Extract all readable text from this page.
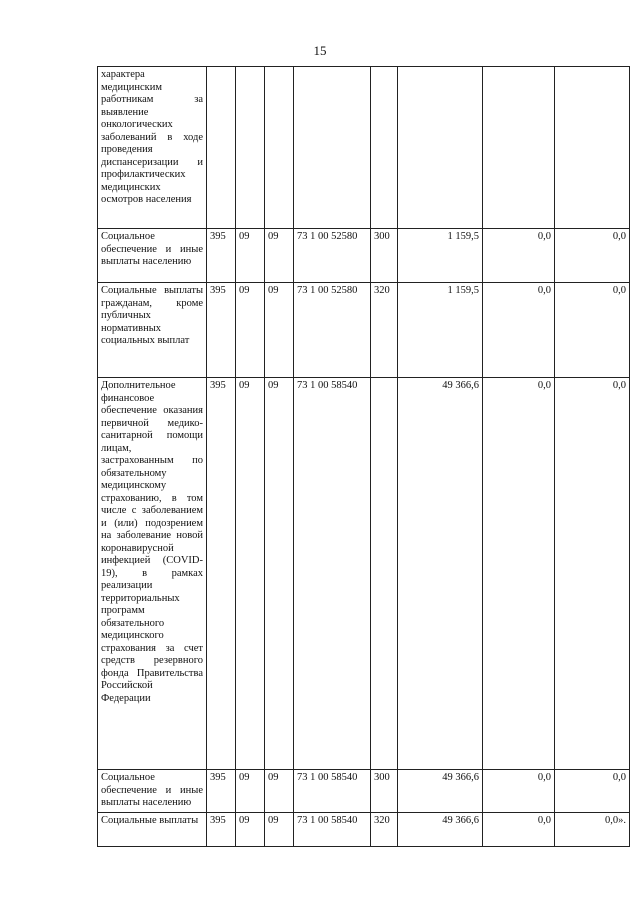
15
характера медицинским работникам за выявление онкологических заболеваний в ходе проведения диспансеризации и профилактических медицинских осмотров населения								

Социальное обеспечение и иные выплаты населению	395	09	09	73 1 00 52580	300	1 159,5	0,0	0,0

Социальные выплаты гражданам, кроме публичных нормативных социальных выплат	395	09	09	73 1 00 52580	320	1 159,5	0,0	0,0

Дополнительное финансовое обеспечение оказания первичной медико-санитарной помощи лицам, застрахованным по обязательному медицинскому страхованию, в том числе с заболеванием и (или) подозрением на заболевание новой коронавирусной инфекцией (COVID-19), в рамках реализации территориальных программ обязательного медицинского страхования за счет средств резервного фонда Правительства Российской Федерации	395	09	09	73 1 00 58540		49 366,6	0,0	0,0

Социальное обеспечение и иные выплаты населению	395	09	09	73 1 00 58540	300	49 366,6	0,0	0,0

Социальные выплаты	395	09	09	73 1 00 58540	320	49 366,6	0,0	0,0».
